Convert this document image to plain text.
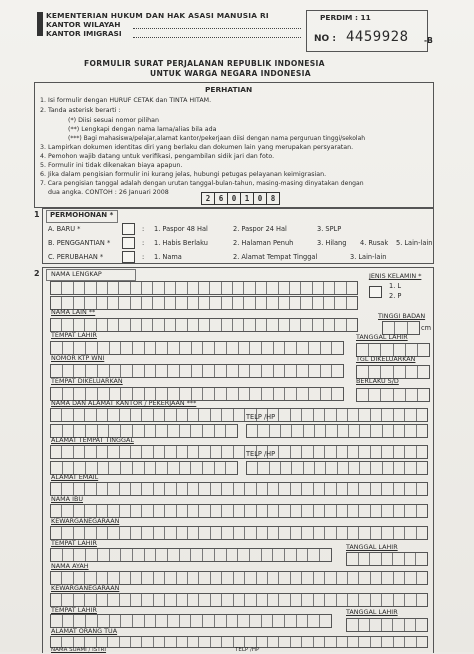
KEMENTERIAN HUKUM DAN HAK ASASI MANUSIA RI
KANTOR WILAYAH
KANTOR IMIGRASI
PERDIM : 11
NO : 4459928 -B
FORMULIR SURAT PERJALANAN REPUBLIK INDONESIA
UNTUK WARGA NEGARA INDONESIA
PERHATIAN
1. Isi formulir dengan HURUF CETAK dan TINTA HITAM.
2. Tanda asterisk berarti :
(*) Diisi sesuai nomor pilihan
(**) Lengkapi dengan nama lama/alias bila ada
(***) Bagi mahasiswa/pelajar,alamat kantor/pekerjaan diisi dengan nama perguruan tinggi/sekolah
3. Lampirkan dokumen identitas diri yang berlaku dan dokumen lain yang merupakan persyaratan.
4. Pemohon wajib datang untuk verifikasi, pengambilan sidik jari dan foto.
5. Formulir ini tidak dikenakan biaya apapun.
6. Jika dalam pengisian formulir ini kurang jelas, hubungi petugas pelayanan keimigrasian.
7. Cara pengisian tanggal adalah dengan urutan tanggal-bulan-tahun, masing-masing dinyatakan dengan
dua angka. CONTOH : 26 Januari 2008
2	6	0	1	0	8
1 PERMOHONAN *
A. BARU *	: 1. Paspor 48 Hal	2. Paspor 24 Hal	3. SPLP
B. PENGGANTIAN *	: 1. Habis Berlaku	2. Halaman Penuh	3. Hilang 4. Rusak 5. Lain-lain
C. PERUBAHAN *	: 1. Nama	2. Alamat Tempat Tinggal	3. Lain-lain
2 NAMA LENGKAP	JENIS KELAMIN *
1. L
2. P
NAMA LAIN **	TINGGI BADAN
cm
TEMPAT LAHIR	TANGGAL LAHIR
NOMOR KTP WNI	TGL DIKELUARKAN
TEMPAT DIKELUARKAN	BERLAKU S/D
NAMA DAN ALAMAT KANTOR / PEKERJAAN ***
TELP /HP
ALAMAT TEMPAT TINGGAL
TELP /HP
ALAMAT EMAIL
NAMA IBU
KEWARGANEGARAAN
TEMPAT LAHIR	TANGGAL LAHIR
NAMA AYAH
KEWARGANEGARAAN
TEMPAT LAHIR	TANGGAL LAHIR
ALAMAT ORANG TUA
NAMA SUAMI / ISTRI	TELP /HP
